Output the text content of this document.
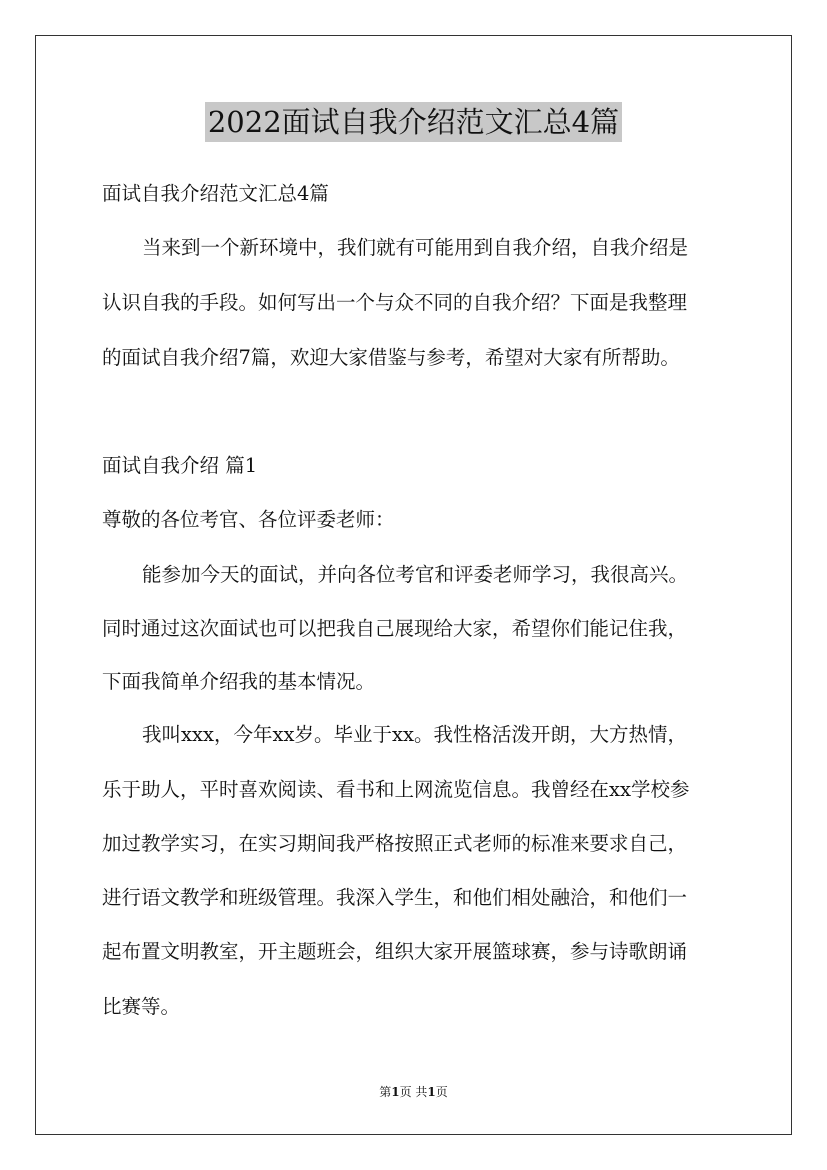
2022面试自我介绍范文汇总4篇
面试自我介绍范文汇总4篇
当来到一个新环境中，我们就有可能用到自我介绍，自我介绍是
认识自我的手段。如何写出一个与众不同的自我介绍？下面是我整理
的面试自我介绍7篇，欢迎大家借鉴与参考，希望对大家有所帮助。
面试自我介绍 篇1
尊敬的各位考官、各位评委老师：
能参加今天的面试，并向各位考官和评委老师学习，我很高兴。
同时通过这次面试也可以把我自己展现给大家，希望你们能记住我，
下面我简单介绍我的基本情况。
我叫xxx，今年xx岁。毕业于xx。我性格活泼开朗，大方热情，
乐于助人，平时喜欢阅读、看书和上网流览信息。我曾经在xx学校参
加过教学实习，在实习期间我严格按照正式老师的标准来要求自己，
进行语文教学和班级管理。我深入学生，和他们相处融洽，和他们一
起布置文明教室，开主题班会，组织大家开展篮球赛，参与诗歌朗诵
比赛等。
第1页 共1页
